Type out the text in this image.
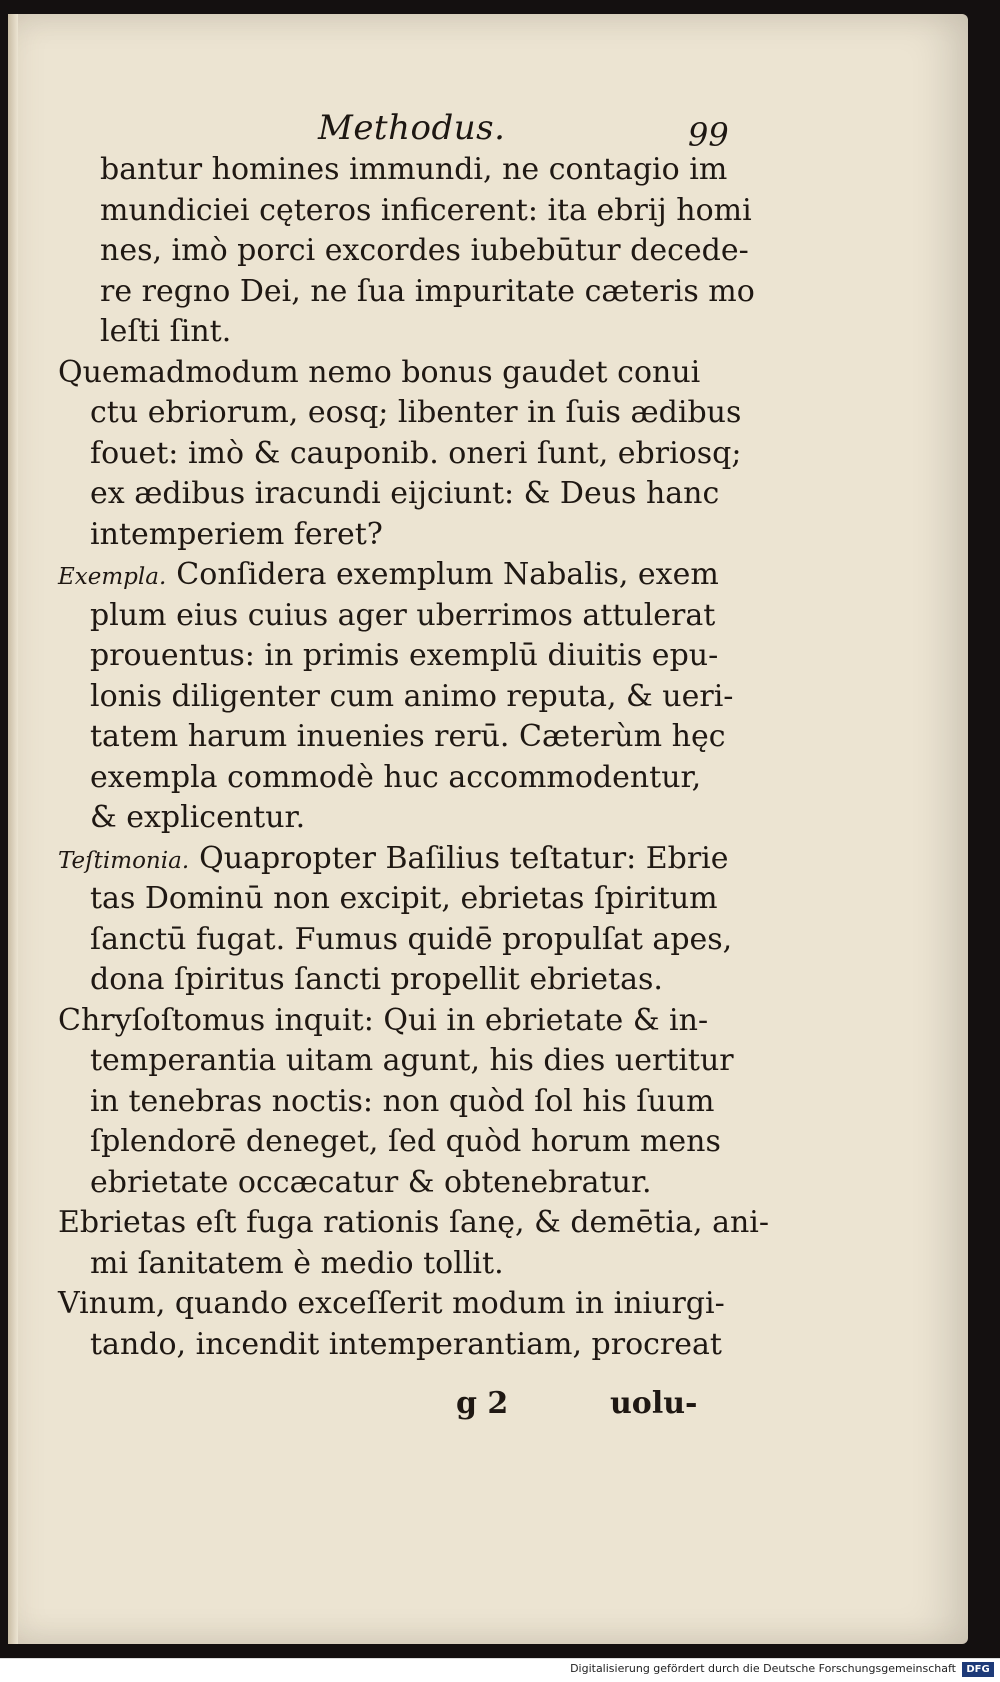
Methodus.	99
bantur homines immundi, ne contagio im
mundiciei cęteros inficerent: ita ebrij homi
nes, imò porci excordes iubebūtur decede-
re regno Dei, ne ſua impuritate cæteris mo
leſti ſint.
Quemadmodum nemo bonus gaudet conui
ctu ebriorum, eosq; libenter in ſuis ædibus
fouet: imò & cauponib. oneri ſunt, ebriosq;
ex ædibus iracundi eijciunt: & Deus hanc
intemperiem feret?
Exempla. Conſidera exemplum Nabalis, exem
plum eius cuius ager uberrimos attulerat
prouentus: in primis exemplū diuitis epu-
lonis diligenter cum animo reputa, & ueri-
tatem harum inuenies rerū. Cæterùm hęc
exempla commodè huc accommodentur,
& explicentur.
Teſtimonia. Quapropter Baſilius teſtatur: Ebrie
tas Dominū non excipit, ebrietas ſpiritum
ſanctū fugat. Fumus quidē propulſat apes,
dona ſpiritus ſancti propellit ebrietas.
Chryſoſtomus inquit: Qui in ebrietate & in-
temperantia uitam agunt, his dies uertitur
in tenebras noctis: non quòd ſol his ſuum
ſplendorē deneget, ſed quòd horum mens
ebrietate occæcatur & obtenebratur.
Ebrietas eſt fuga rationis ſanę, & demētia, ani-
mi ſanitatem è medio tollit.
Vinum, quando exceſſerit modum in iniurgi-
tando, incendit intemperantiam, procreat
g 2	uolu-
Digitalisierung gefördert durch die Deutsche Forschungsgemeinschaft	DFG
